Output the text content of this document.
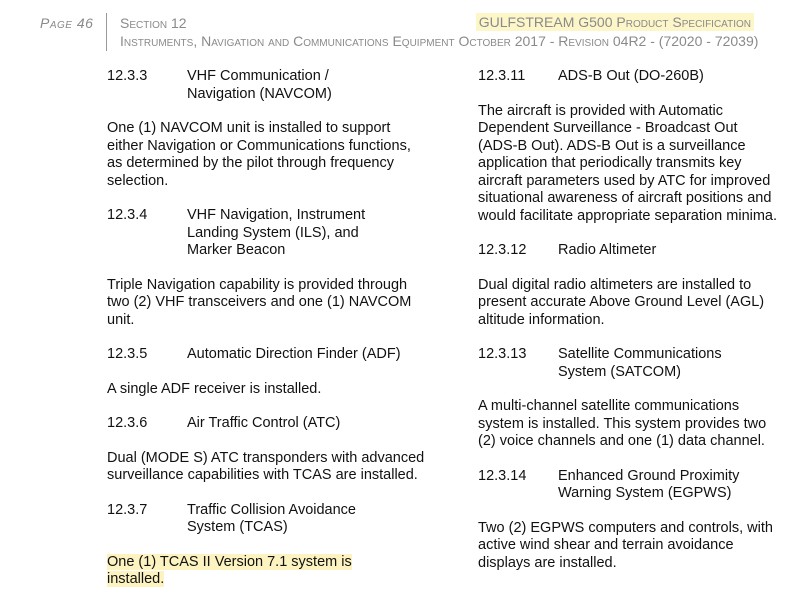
Page 46 Section 12
Instruments, Navigation and Communications Equipment October 2017 - Revision 04R2 - (72020 - 72039)
GULFSTREAM G500 Product Specification
12.3.3	VHF Communication / Navigation (NAVCOM)

One (1) NAVCOM unit is installed to support either Navigation or Communications functions, as determined by the pilot through frequency selection.

12.3.4	VHF Navigation, Instrument Landing System (ILS), and Marker Beacon

Triple Navigation capability is provided through two (2) VHF transceivers and one (1) NAVCOM unit.

12.3.5	Automatic Direction Finder (ADF)

A single ADF receiver is installed.

12.3.6	Air Traffic Control (ATC)

Dual (MODE S) ATC transponders with advanced surveillance capabilities with TCAS are installed.

12.3.7	Traffic Collision Avoidance System (TCAS)

One (1) TCAS II Version 7.1 system is installed.

12.3.11	ADS-B Out (DO-260B)

The aircraft is provided with Automatic Dependent Surveillance - Broadcast Out (ADS-B Out). ADS-B Out is a surveillance application that periodically transmits key aircraft parameters used by ATC for improved situational awareness of aircraft positions and would facilitate appropriate separation minima.

12.3.12	Radio Altimeter

Dual digital radio altimeters are installed to present accurate Above Ground Level (AGL) altitude information.

12.3.13	Satellite Communications System (SATCOM)

A multi-channel satellite communications system is installed. This system provides two (2) voice channels and one (1) data channel.

12.3.14	Enhanced Ground Proximity Warning System (EGPWS)

Two (2) EGPWS computers and controls, with active wind shear and terrain avoidance displays are installed.
